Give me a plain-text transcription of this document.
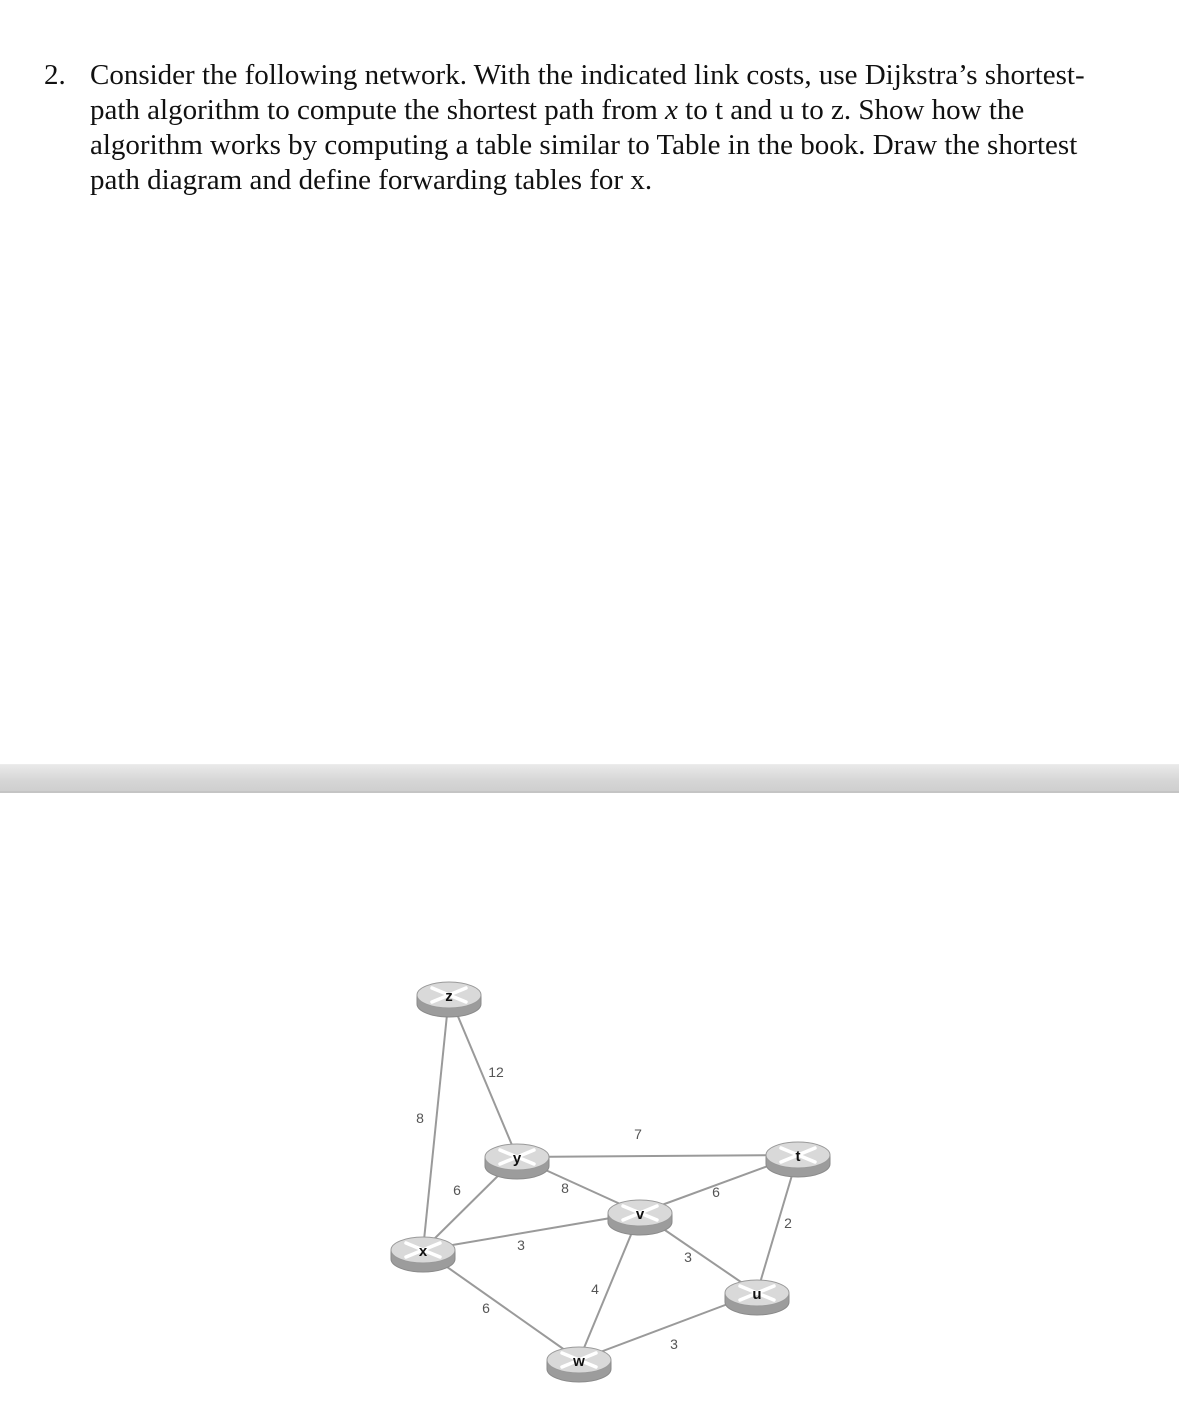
2. Consider the following network. With the indicated link costs, use Dijkstra’s shortest-
path algorithm to compute the shortest path from x to t and u to z. Show how the
algorithm works by computing a table similar to Table in the book. Draw the shortest
path diagram and define forwarding tables for x.
8
12
7
6	8
3
6
6
4
3
2
3
z
y
x
v
t
u
w
